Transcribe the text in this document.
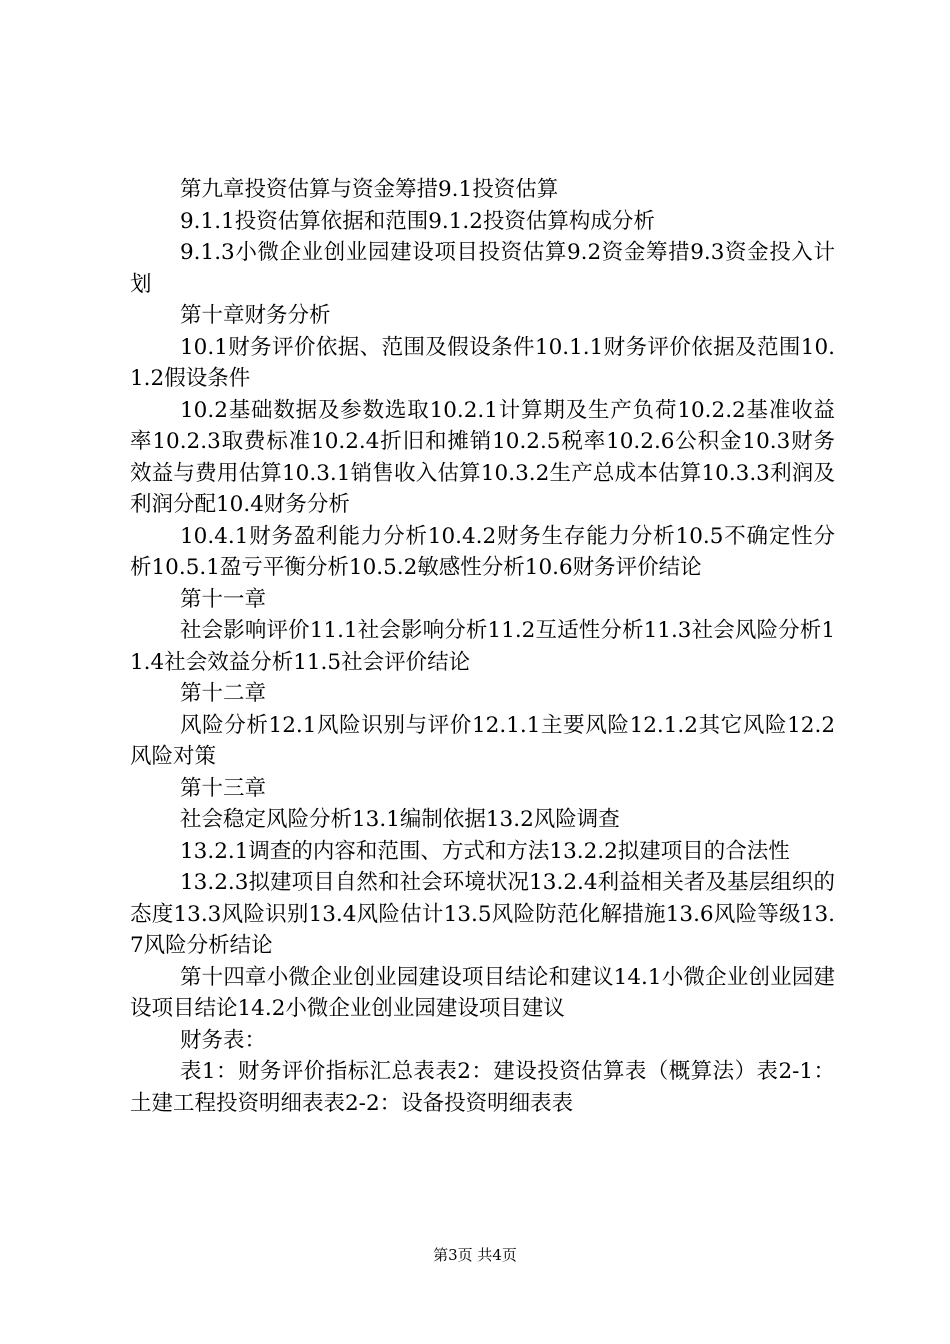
第九章投资估算与资金筹措9.1投资估算

9.1.1投资估算依据和范围9.1.2投资估算构成分析

9.1.3小微企业创业园建设项目投资估算9.2资金筹措9.3资金投入计划

第十章财务分析

10.1财务评价依据、范围及假设条件10.1.1财务评价依据及范围10.1.2假设条件

10.2基础数据及参数选取10.2.1计算期及生产负荷10.2.2基准收益率10.2.3取费标准10.2.4折旧和摊销10.2.5税率10.2.6公积金10.3财务效益与费用估算10.3.1销售收入估算10.3.2生产总成本估算10.3.3利润及利润分配10.4财务分析

10.4.1财务盈利能力分析10.4.2财务生存能力分析10.5不确定性分析10.5.1盈亏平衡分析10.5.2敏感性分析10.6财务评价结论

第十一章

社会影响评价11.1社会影响分析11.2互适性分析11.3社会风险分析11.4社会效益分析11.5社会评价结论

第十二章

风险分析12.1风险识别与评价12.1.1主要风险12.1.2其它风险12.2风险对策

第十三章

社会稳定风险分析13.1编制依据13.2风险调查

13.2.1调查的内容和范围、方式和方法13.2.2拟建项目的合法性

13.2.3拟建项目自然和社会环境状况13.2.4利益相关者及基层组织的态度13.3风险识别13.4风险估计13.5风险防范化解措施13.6风险等级13.7风险分析结论

第十四章小微企业创业园建设项目结论和建议14.1小微企业创业园建设项目结论14.2小微企业创业园建设项目建议

财务表：

表1：财务评价指标汇总表表2：建设投资估算表（概算法）表2-1：土建工程投资明细表表2-2：设备投资明细表表

第3页 共4页
